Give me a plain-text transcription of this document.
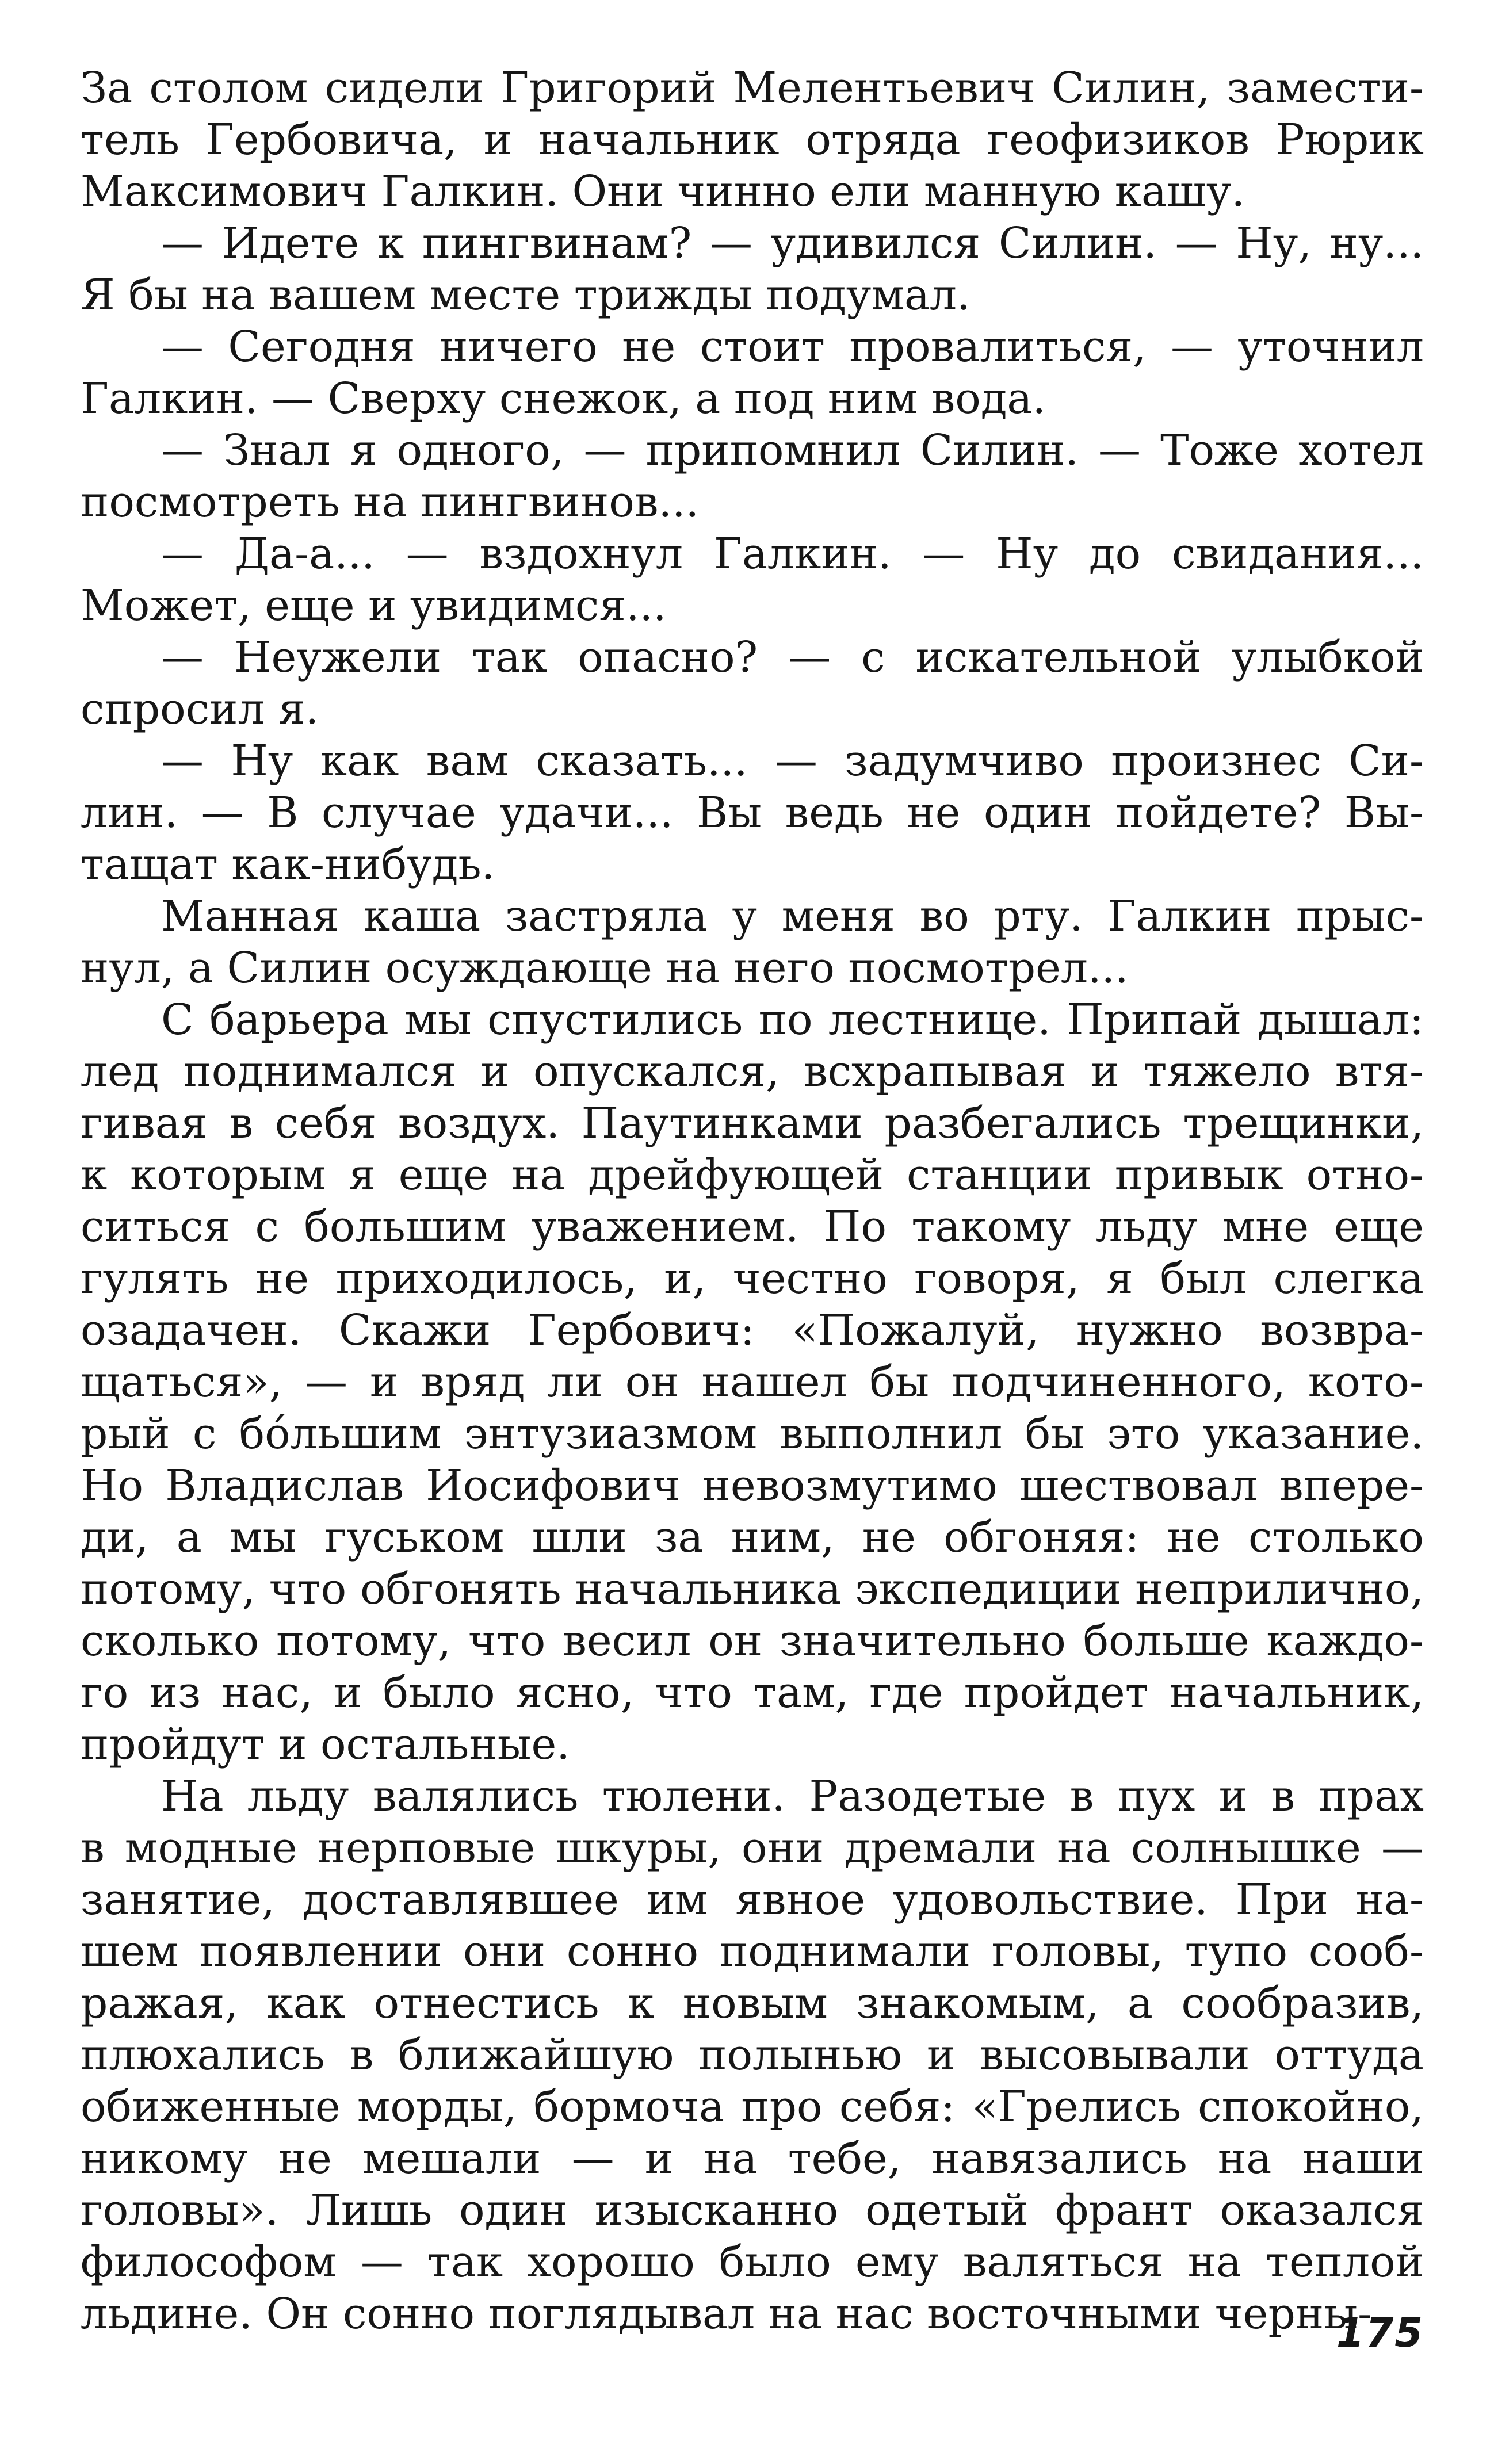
За столом сидели Григорий Мелентьевич Силин, замести-
тель Гербовича, и начальник отряда геофизиков Рюрик
Максимович Галкин. Они чинно ели манную кашу.
— Идете к пингвинам? — удивился Силин. — Ну, ну...
Я бы на вашем месте трижды подумал.
— Сегодня ничего не стоит провалиться, — уточнил
Галкин. — Сверху снежок, а под ним вода.
— Знал я одного, — припомнил Силин. — Тоже хотел
посмотреть на пингвинов...
— Да-а... — вздохнул Галкин. — Ну до свидания...
Может, еще и увидимся...
— Неужели так опасно? — с искательной улыбкой
спросил я.
— Ну как вам сказать... — задумчиво произнес Си-
лин. — В случае удачи... Вы ведь не один пойдете? Вы-
тащат как-нибудь.
Манная каша застряла у меня во рту. Галкин прыс-
нул, а Силин осуждающе на него посмотрел...
С барьера мы спустились по лестнице. Припай дышал:
лед поднимался и опускался, всхрапывая и тяжело втя-
гивая в себя воздух. Паутинками разбегались трещинки,
к которым я еще на дрейфующей станции привык отно-
ситься с большим уважением. По такому льду мне еще
гулять не приходилось, и, честно говоря, я был слегка
озадачен. Скажи Гербович: «Пожалуй, нужно возвра-
щаться», — и вряд ли он нашел бы подчиненного, кото-
рый с бо́льшим энтузиазмом выполнил бы это указание.
Но Владислав Иосифович невозмутимо шествовал впере-
ди, а мы гуськом шли за ним, не обгоняя: не столько
потому, что обгонять начальника экспедиции неприлично,
сколько потому, что весил он значительно больше каждо-
го из нас, и было ясно, что там, где пройдет начальник,
пройдут и остальные.
На льду валялись тюлени. Разодетые в пух и в прах
в модные нерповые шкуры, они дремали на солнышке —
занятие, доставлявшее им явное удовольствие. При на-
шем появлении они сонно поднимали головы, тупо сооб-
ражая, как отнестись к новым знакомым, а сообразив,
плюхались в ближайшую полынью и высовывали оттуда
обиженные морды, бормоча про себя: «Грелись спокойно,
никому не мешали — и на тебе, навязались на наши
головы». Лишь один изысканно одетый франт оказался
философом — так хорошо было ему валяться на теплой
льдине. Он сонно поглядывал на нас восточными черны-
175
